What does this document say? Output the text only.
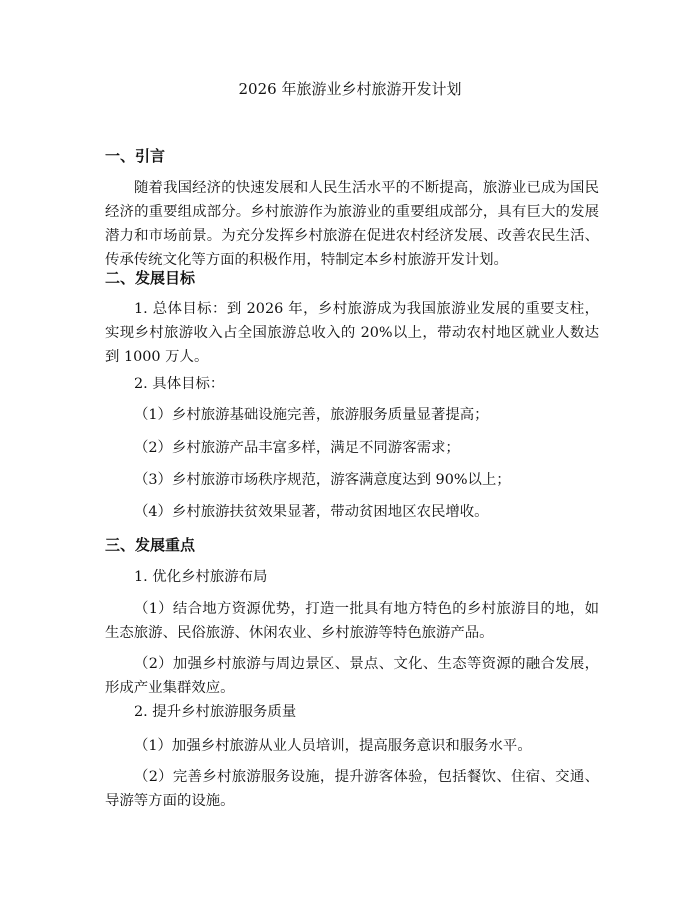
2026 年旅游业乡村旅游开发计划
一、引言

随着我国经济的快速发展和人民生活水平的不断提高，旅游业已成为国民经济的重要组成部分。乡村旅游作为旅游业的重要组成部分，具有巨大的发展潜力和市场前景。为充分发挥乡村旅游在促进农村经济发展、改善农民生活、传承传统文化等方面的积极作用，特制定本乡村旅游开发计划。

二、发展目标

1. 总体目标：到 2026 年，乡村旅游成为我国旅游业发展的重要支柱，实现乡村旅游收入占全国旅游总收入的 20%以上，带动农村地区就业人数达到 1000 万人。

2. 具体目标：

（1）乡村旅游基础设施完善，旅游服务质量显著提高；

（2）乡村旅游产品丰富多样，满足不同游客需求；

（3）乡村旅游市场秩序规范，游客满意度达到 90%以上；

（4）乡村旅游扶贫效果显著，带动贫困地区农民增收。

三、发展重点

1. 优化乡村旅游布局

（1）结合地方资源优势，打造一批具有地方特色的乡村旅游目的地，如生态旅游、民俗旅游、休闲农业、乡村旅游等特色旅游产品。

（2）加强乡村旅游与周边景区、景点、文化、生态等资源的融合发展，形成产业集群效应。

2. 提升乡村旅游服务质量

（1）加强乡村旅游从业人员培训，提高服务意识和服务水平。

（2）完善乡村旅游服务设施，提升游客体验，包括餐饮、住宿、交通、导游等方面的设施。
